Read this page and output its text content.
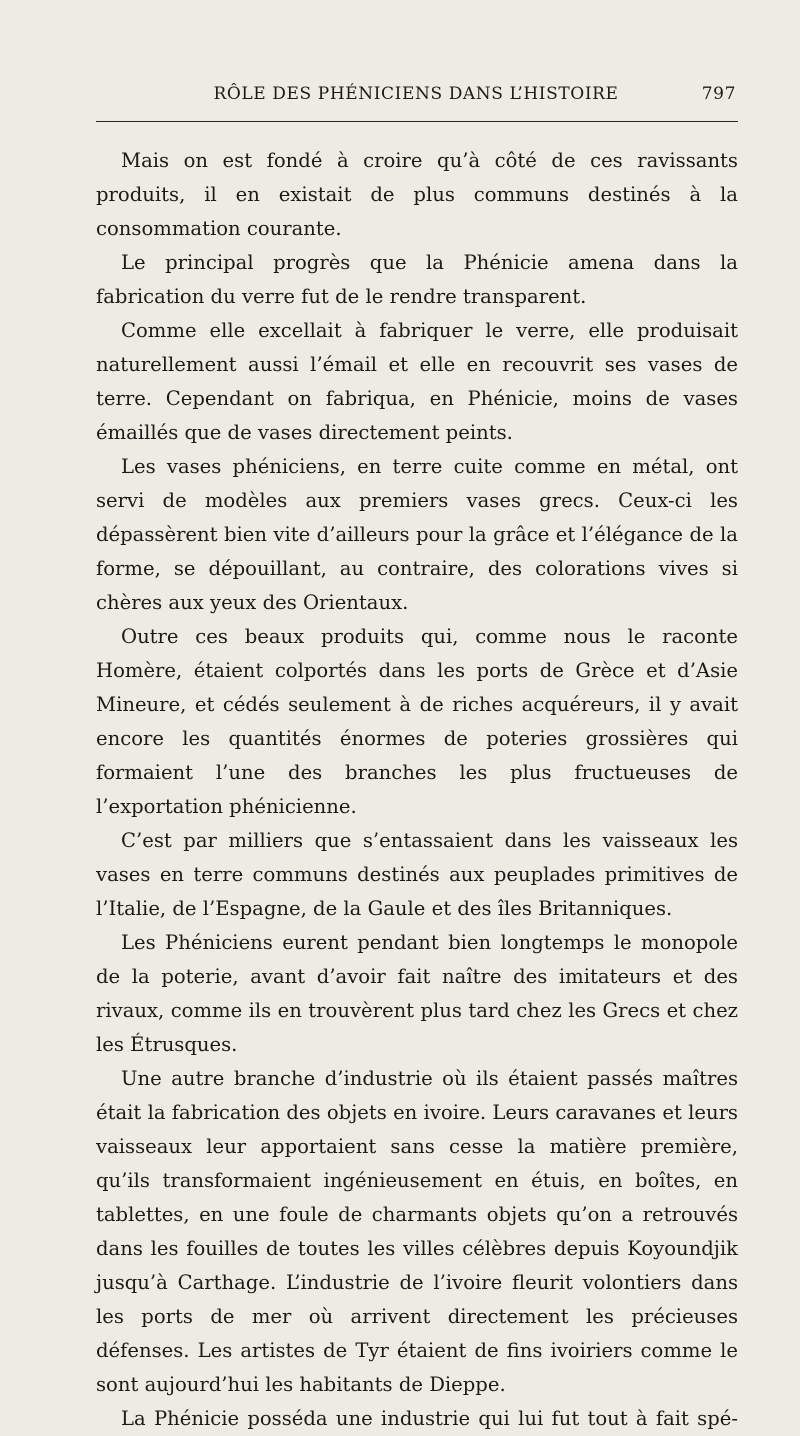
RÔLE DES PHÉNICIENS DANS L’HISTOIRE	797

Mais on est fondé à croire qu’à côté de ces ravissants produits, il en existait de plus communs destinés à la consommation courante.

Le principal progrès que la Phénicie amena dans la fabrication du verre fut de le rendre transparent.

Comme elle excellait à fabriquer le verre, elle produisait naturellement aussi l’émail et elle en recouvrit ses vases de terre. Cependant on fabriqua, en Phénicie, moins de vases émaillés que de vases directement peints.

Les vases phéniciens, en terre cuite comme en métal, ont servi de modèles aux premiers vases grecs. Ceux-ci les dépassèrent bien vite d’ailleurs pour la grâce et l’élégance de la forme, se dépouillant, au contraire, des colorations vives si chères aux yeux des Orientaux.

Outre ces beaux produits qui, comme nous le raconte Homère, étaient colportés dans les ports de Grèce et d’Asie Mineure, et cédés seulement à de riches acquéreurs, il y avait encore les quantités énormes de poteries grossières qui formaient l’une des branches les plus fructueuses de l’exportation phénicienne.

C’est par milliers que s’entassaient dans les vaisseaux les vases en terre communs destinés aux peuplades primitives de l’Italie, de l’Espagne, de la Gaule et des îles Britanniques.

Les Phéniciens eurent pendant bien longtemps le monopole de la poterie, avant d’avoir fait naître des imitateurs et des rivaux, comme ils en trouvèrent plus tard chez les Grecs et chez les Étrusques.

Une autre branche d’industrie où ils étaient passés maîtres était la fabrication des objets en ivoire. Leurs caravanes et leurs vaisseaux leur apportaient sans cesse la matière première, qu’ils transformaient ingénieusement en étuis, en boîtes, en tablettes, en une foule de charmants objets qu’on a retrouvés dans les fouilles de toutes les villes célèbres depuis Koyoundjik jusqu’à Carthage. L’industrie de l’ivoire fleurit volontiers dans les ports de mer où arrivent directement les précieuses défenses. Les artistes de Tyr étaient de fins ivoiriers comme le sont aujourd’hui les habitants de Dieppe.

La Phénicie posséda une industrie qui lui fut tout à fait spé-
